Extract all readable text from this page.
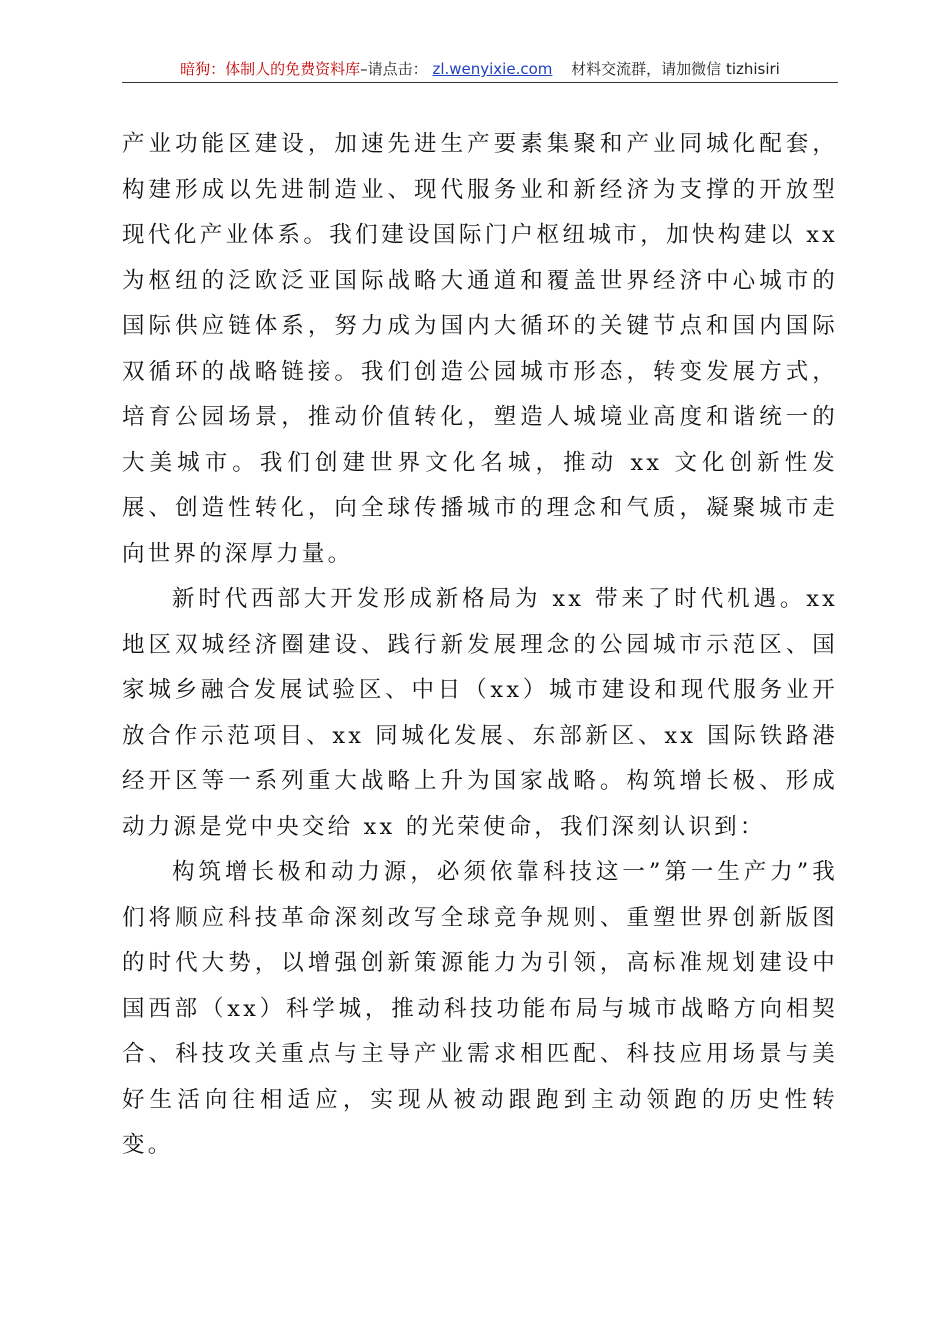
暗狗：体制人的免费资料库–请点击： zl.wenyixie.com 材料交流群，请加微信 tizhisiri

产业功能区建设，加速先进生产要素集聚和产业同城化配套，构建形成以先进制造业、现代服务业和新经济为支撑的开放型现代化产业体系。我们建设国际门户枢纽城市，加快构建以 xx 为枢纽的泛欧泛亚国际战略大通道和覆盖世界经济中心城市的国际供应链体系，努力成为国内大循环的关键节点和国内国际双循环的战略链接。我们创造公园城市形态，转变发展方式，培育公园场景，推动价值转化，塑造人城境业高度和谐统一的大美城市。我们创建世界文化名城，推动 xx 文化创新性发展、创造性转化，向全球传播城市的理念和气质，凝聚城市走向世界的深厚力量。

新时代西部大开发形成新格局为 xx 带来了时代机遇。xx 地区双城经济圈建设、践行新发展理念的公园城市示范区、国家城乡融合发展试验区、中日（xx）城市建设和现代服务业开放合作示范项目、xx 同城化发展、东部新区、xx 国际铁路港经开区等一系列重大战略上升为国家战略。构筑增长极、形成动力源是党中央交给 xx 的光荣使命，我们深刻认识到：

构筑增长极和动力源，必须依靠科技这一”第一生产力”我们将顺应科技革命深刻改写全球竞争规则、重塑世界创新版图的时代大势，以增强创新策源能力为引领，高标准规划建设中国西部（xx）科学城，推动科技功能布局与城市战略方向相契合、科技攻关重点与主导产业需求相匹配、科技应用场景与美好生活向往相适应，实现从被动跟跑到主动领跑的历史性转变。
